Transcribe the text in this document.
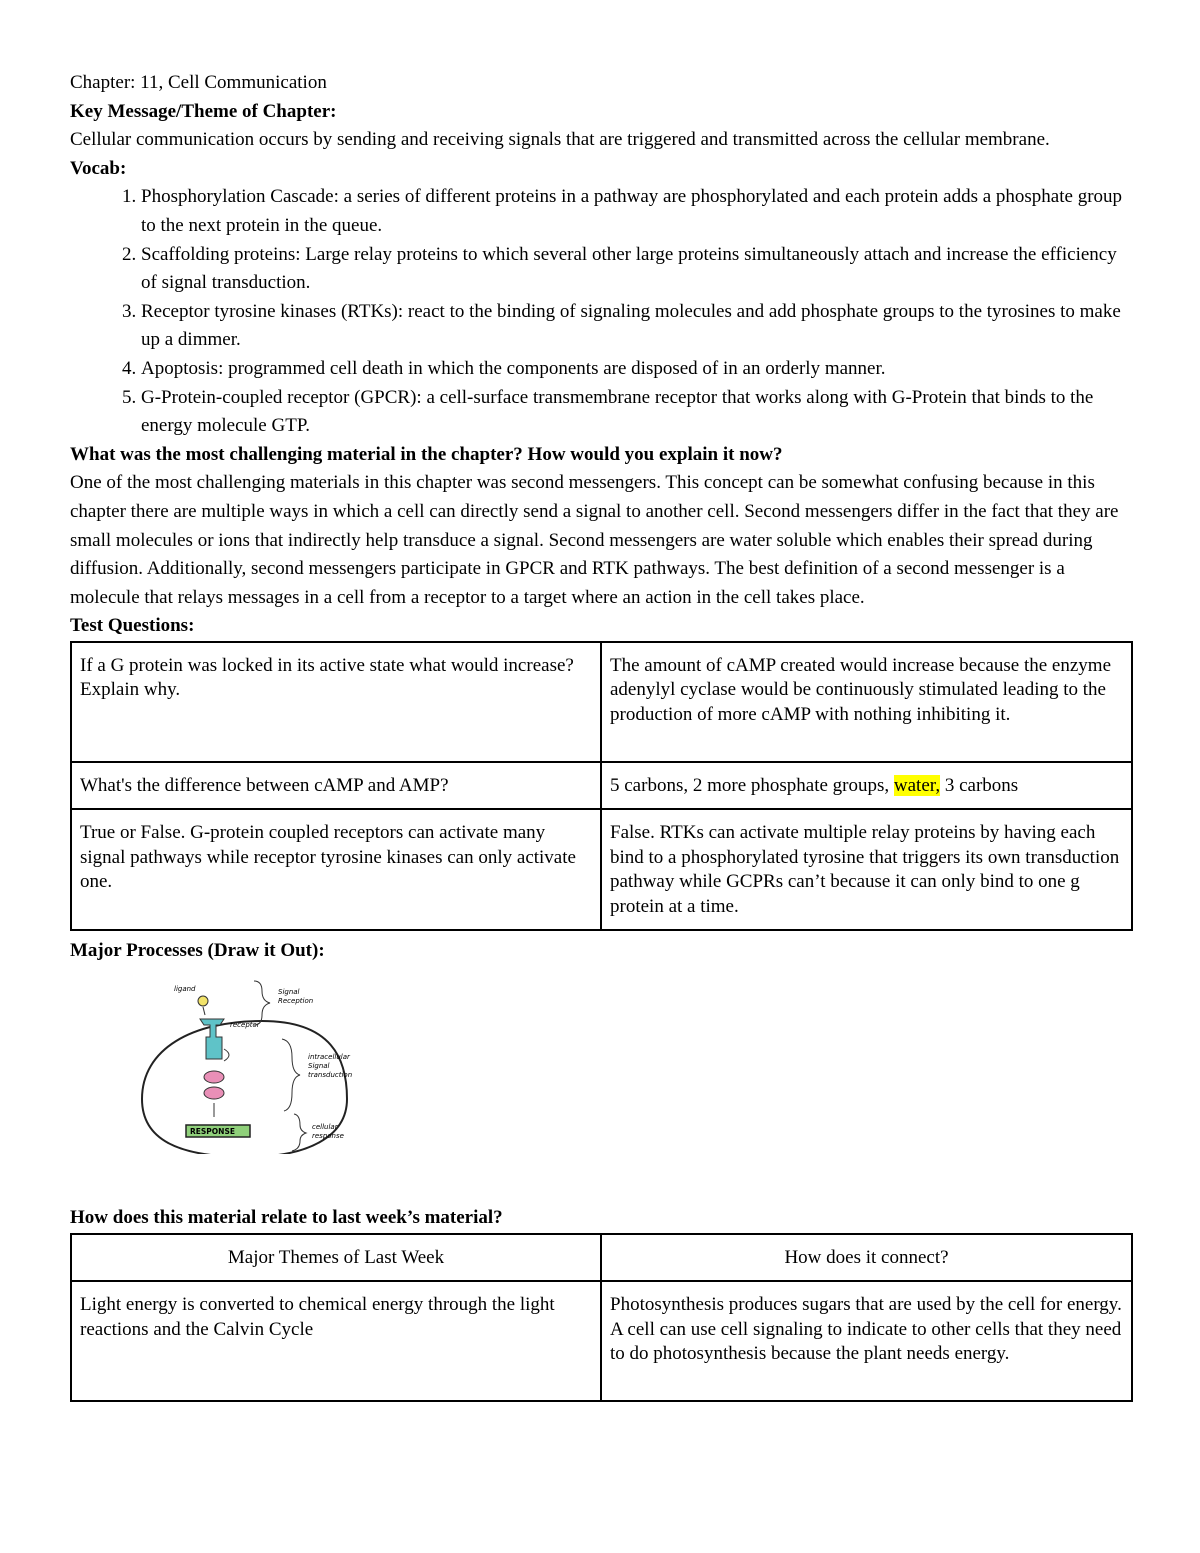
Chapter: 11, Cell Communication

Key Message/Theme of Chapter:

Cellular communication occurs by sending and receiving signals that are triggered and transmitted across the cellular membrane.

Vocab:

1. Phosphorylation Cascade: a series of different proteins in a pathway are phosphorylated and each protein adds a phosphate group to the next protein in the queue.
2. Scaffolding proteins: Large relay proteins to which several other large proteins simultaneously attach and increase the efficiency of signal transduction.
3. Receptor tyrosine kinases (RTKs): react to the binding of signaling molecules and add phosphate groups to the tyrosines to make up a dimmer.
4. Apoptosis: programmed cell death in which the components are disposed of in an orderly manner.
5. G-Protein-coupled receptor (GPCR): a cell-surface transmembrane receptor that works along with G-Protein that binds to the energy molecule GTP.

What was the most challenging material in the chapter? How would you explain it now?

One of the most challenging materials in this chapter was second messengers. This concept can be somewhat confusing because in this chapter there are multiple ways in which a cell can directly send a signal to another cell. Second messengers differ in the fact that they are small molecules or ions that indirectly help transduce a signal. Second messengers are water soluble which enables their spread during diffusion. Additionally, second messengers participate in GPCR and RTK pathways. The best definition of a second messenger is a molecule that relays messages in a cell from a receptor to a target where an action in the cell takes place.

Test Questions:

If a G protein was locked in its active state what would increase? Explain why.	The amount of cAMP created would increase because the enzyme adenylyl cyclase would be continuously stimulated leading to the production of more cAMP with nothing inhibiting it.
What's the difference between cAMP and AMP?	5 carbons, 2 more phosphate groups, water, 3 carbons
True or False. G-protein coupled receptors can activate many signal pathways while receptor tyrosine kinases can only activate one.	False. RTKs can activate multiple relay proteins by having each bind to a phosphorylated tyrosine that triggers its own transduction pathway while GCPRs can’t because it can only bind to one g protein at a time.

Major Processes (Draw it Out):

ligand
receptor
RESPONSE
Signal
Reception
intracellular
Signal
transduction
cellular
response

How does this material relate to last week’s material?

Major Themes of Last Week	How does it connect?
Light energy is converted to chemical energy through the light reactions and the Calvin Cycle	Photosynthesis produces sugars that are used by the cell for energy. A cell can use cell signaling to indicate to other cells that they need to do photosynthesis because the plant needs energy.
